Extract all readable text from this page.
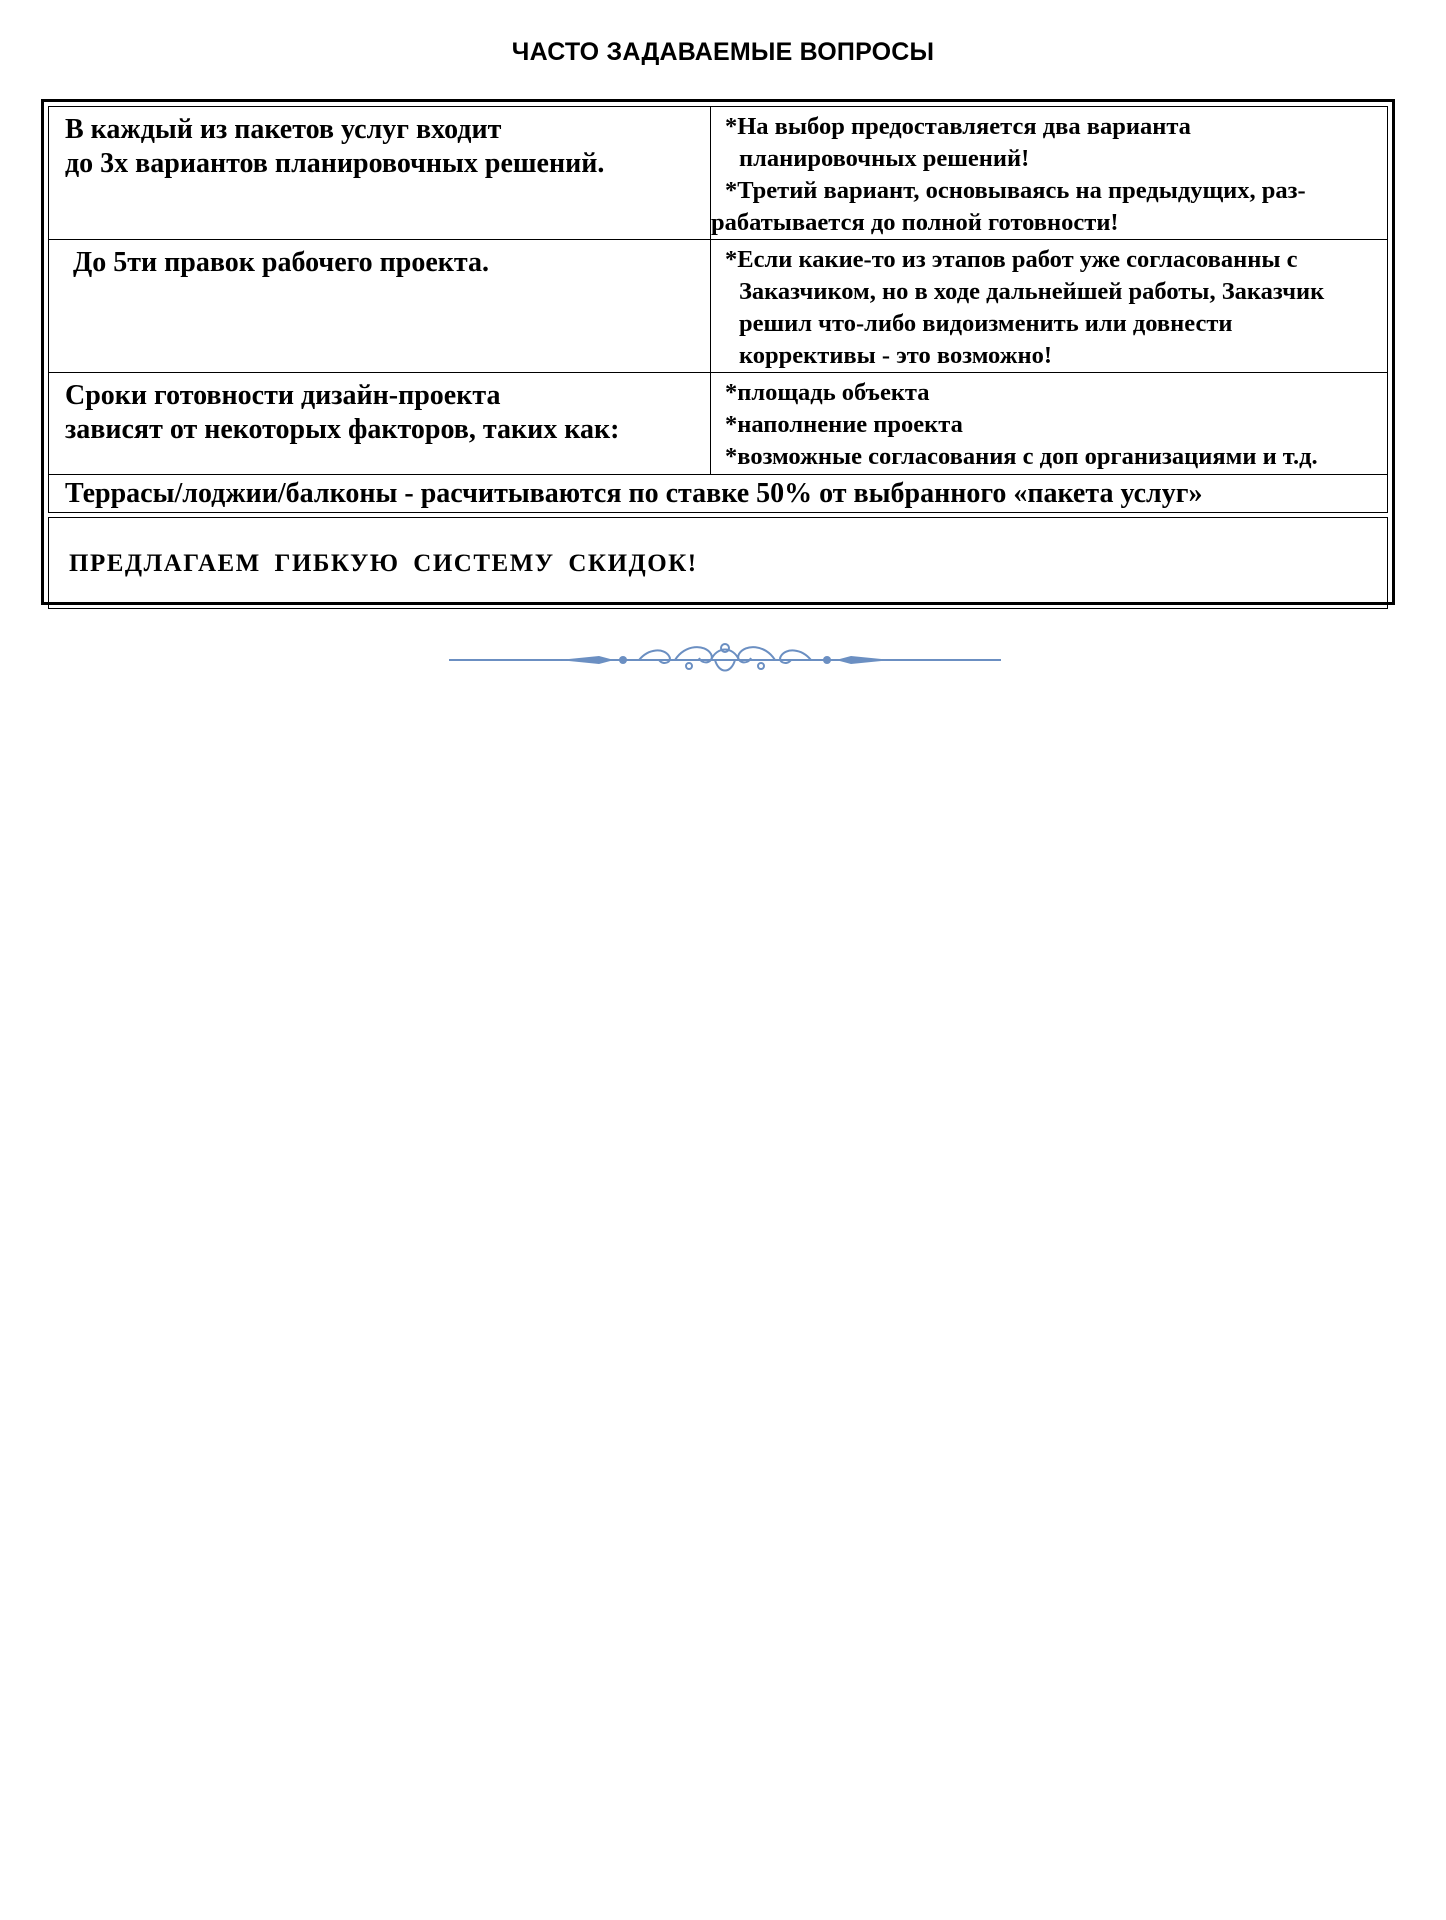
ЧАСТО ЗАДАВАЕМЫЕ ВОПРОСЫ
В каждый из пакетов услуг входит
до 3х вариантов планировочных решений.	*На выбор предоставляется два варианта
планировочных решений!
*Третий вариант, основываясь на предыдущих, раз-
рабатывается до полной готовности!

До 5ти правок рабочего проекта.	*Если какие-то из этапов работ уже согласованны с
Заказчиком, но в ходе дальнейшей работы, Заказчик
решил что-либо видоизменить или довнести
коррективы - это возможно!

Сроки готовности дизайн-проекта
зависят от некоторых факторов, таких как:	*площадь объекта
*наполнение проекта
*возможные согласования с доп организациями и т.д.

Террасы/лоджии/балконы - расчитываются по ставке 50% от выбранного «пакета услуг»	
ПРЕДЛАГАЕМ ГИБКУЮ СИСТЕМУ СКИДОК!
